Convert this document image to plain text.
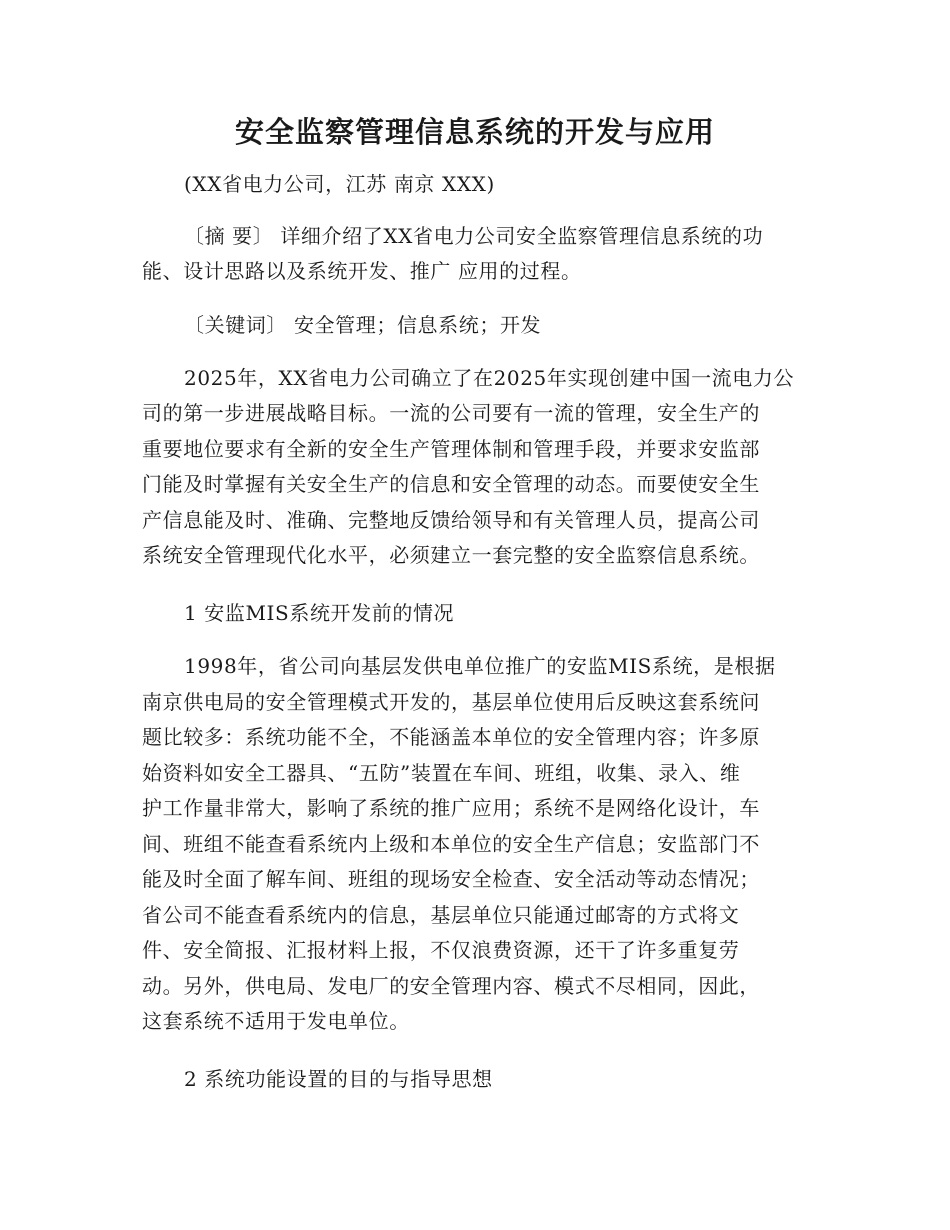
安全监察管理信息系统的开发与应用
(XX省电力公司，江苏 南京 XXX)
〔摘 要〕 详细介绍了XX省电力公司安全监察管理信息系统的功
能、设计思路以及系统开发、推广 应用的过程。
〔关键词〕 安全管理；信息系统；开发
2025年，XX省电力公司确立了在2025年实现创建中国一流电力公
司的第一步进展战略目标。一流的公司要有一流的管理，安全生产的
重要地位要求有全新的安全生产管理体制和管理手段，并要求安监部
门能及时掌握有关安全生产的信息和安全管理的动态。而要使安全生
产信息能及时、准确、完整地反馈给领导和有关管理人员，提高公司
系统安全管理现代化水平，必须建立一套完整的安全监察信息系统。
1 安监MIS系统开发前的情况
1998年，省公司向基层发供电单位推广的安监MIS系统，是根据
南京供电局的安全管理模式开发的，基层单位使用后反映这套系统问
题比较多：系统功能不全，不能涵盖本单位的安全管理内容；许多原
始资料如安全工器具、“五防”装置在车间、班组，收集、录入、维
护工作量非常大，影响了系统的推广应用；系统不是网络化设计，车
间、班组不能查看系统内上级和本单位的安全生产信息；安监部门不
能及时全面了解车间、班组的现场安全检查、安全活动等动态情况；
省公司不能查看系统内的信息，基层单位只能通过邮寄的方式将文
件、安全简报、汇报材料上报，不仅浪费资源，还干了许多重复劳
动。另外，供电局、发电厂的安全管理内容、模式不尽相同，因此，
这套系统不适用于发电单位。
2 系统功能设置的目的与指导思想
